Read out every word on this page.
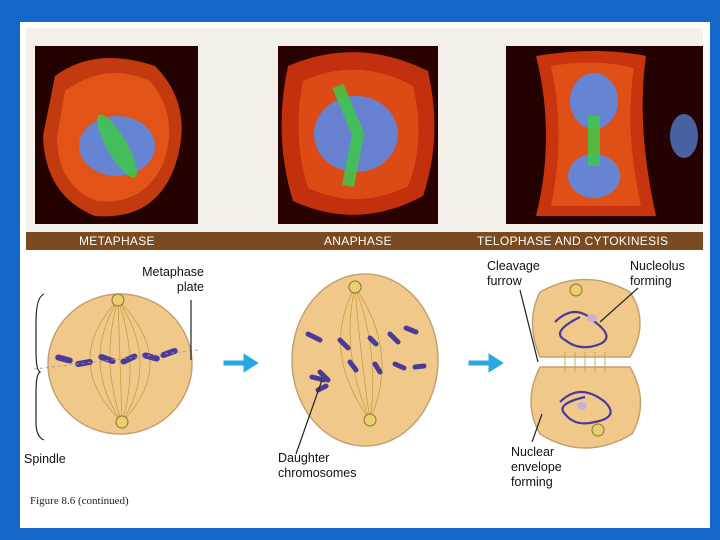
METAPHASE	ANAPHASE	TELOPHASE AND CYTOKINESIS
Metaphase
plate
Spindle	Daughter
chromosomes
Cleavage
furrow
Nucleolus
forming
Nuclear
envelope
forming
Figure 8.6 (continued)
